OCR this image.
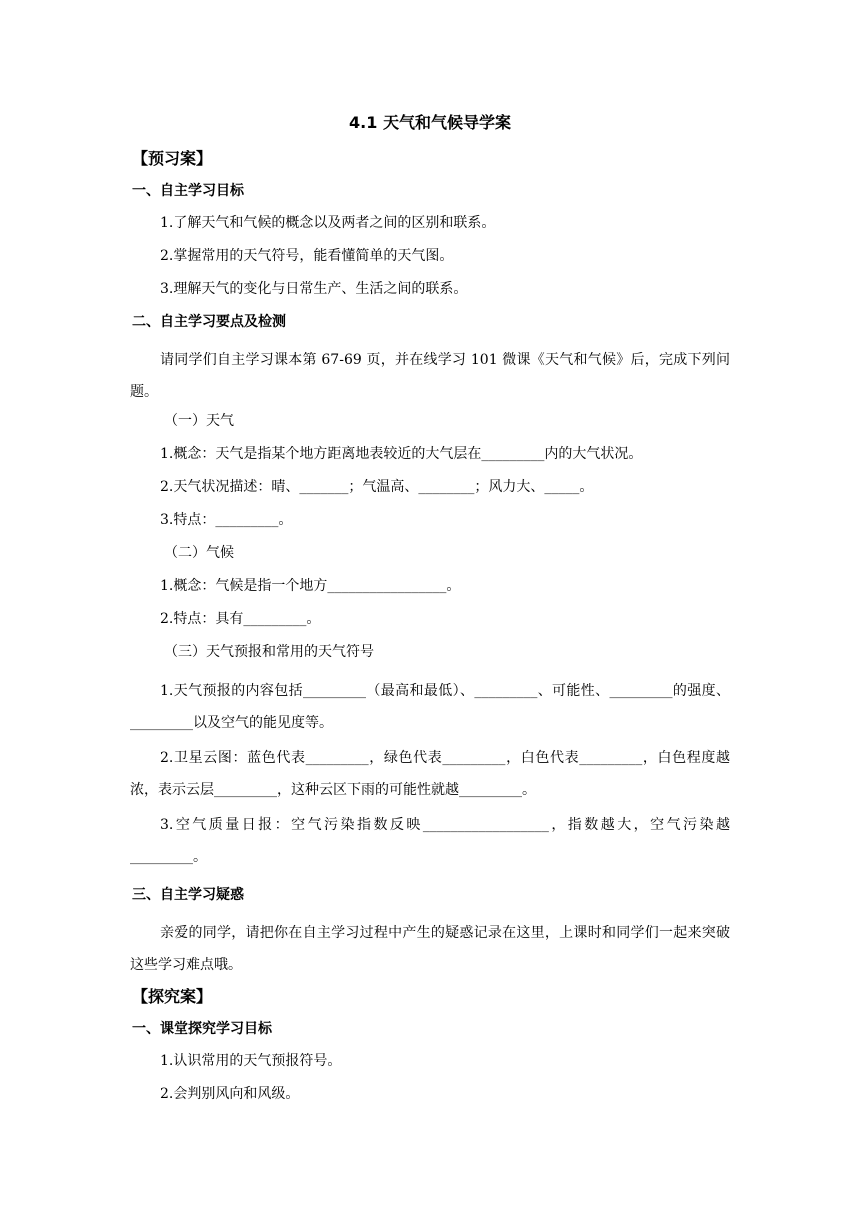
4.1 天气和气候导学案
【预习案】
一、自主学习目标
1.了解天气和气候的概念以及两者之间的区别和联系。
2.掌握常用的天气符号，能看懂简单的天气图。
3.理解天气的变化与日常生产、生活之间的联系。
二、自主学习要点及检测
请同学们自主学习课本第 67-69 页，并在线学习 101 微课《天气和气候》后，完成下列问题。
（一）天气
1.概念：天气是指某个地方距离地表较近的大气层在_________内的大气状况。
2.天气状况描述：晴、_______；气温高、________；风力大、_____。
3.特点：_________。
（二）气候
1.概念：气候是指一个地方_________________。
2.特点：具有_________。
（三）天气预报和常用的天气符号
1.天气预报的内容包括_________（最高和最低）、_________、可能性、_________的强度、_________以及空气的能见度等。
2.卫星云图：蓝色代表_________，绿色代表_________，白色代表_________，白色程度越浓，表示云层_________，这种云区下雨的可能性就越_________。
3.空气质量日报：空气污染指数反映__________________，指数越大，空气污染越_________。
三、自主学习疑惑
亲爱的同学，请把你在自主学习过程中产生的疑惑记录在这里，上课时和同学们一起来突破这些学习难点哦。
【探究案】
一、课堂探究学习目标
1.认识常用的天气预报符号。
2.会判别风向和风级。
